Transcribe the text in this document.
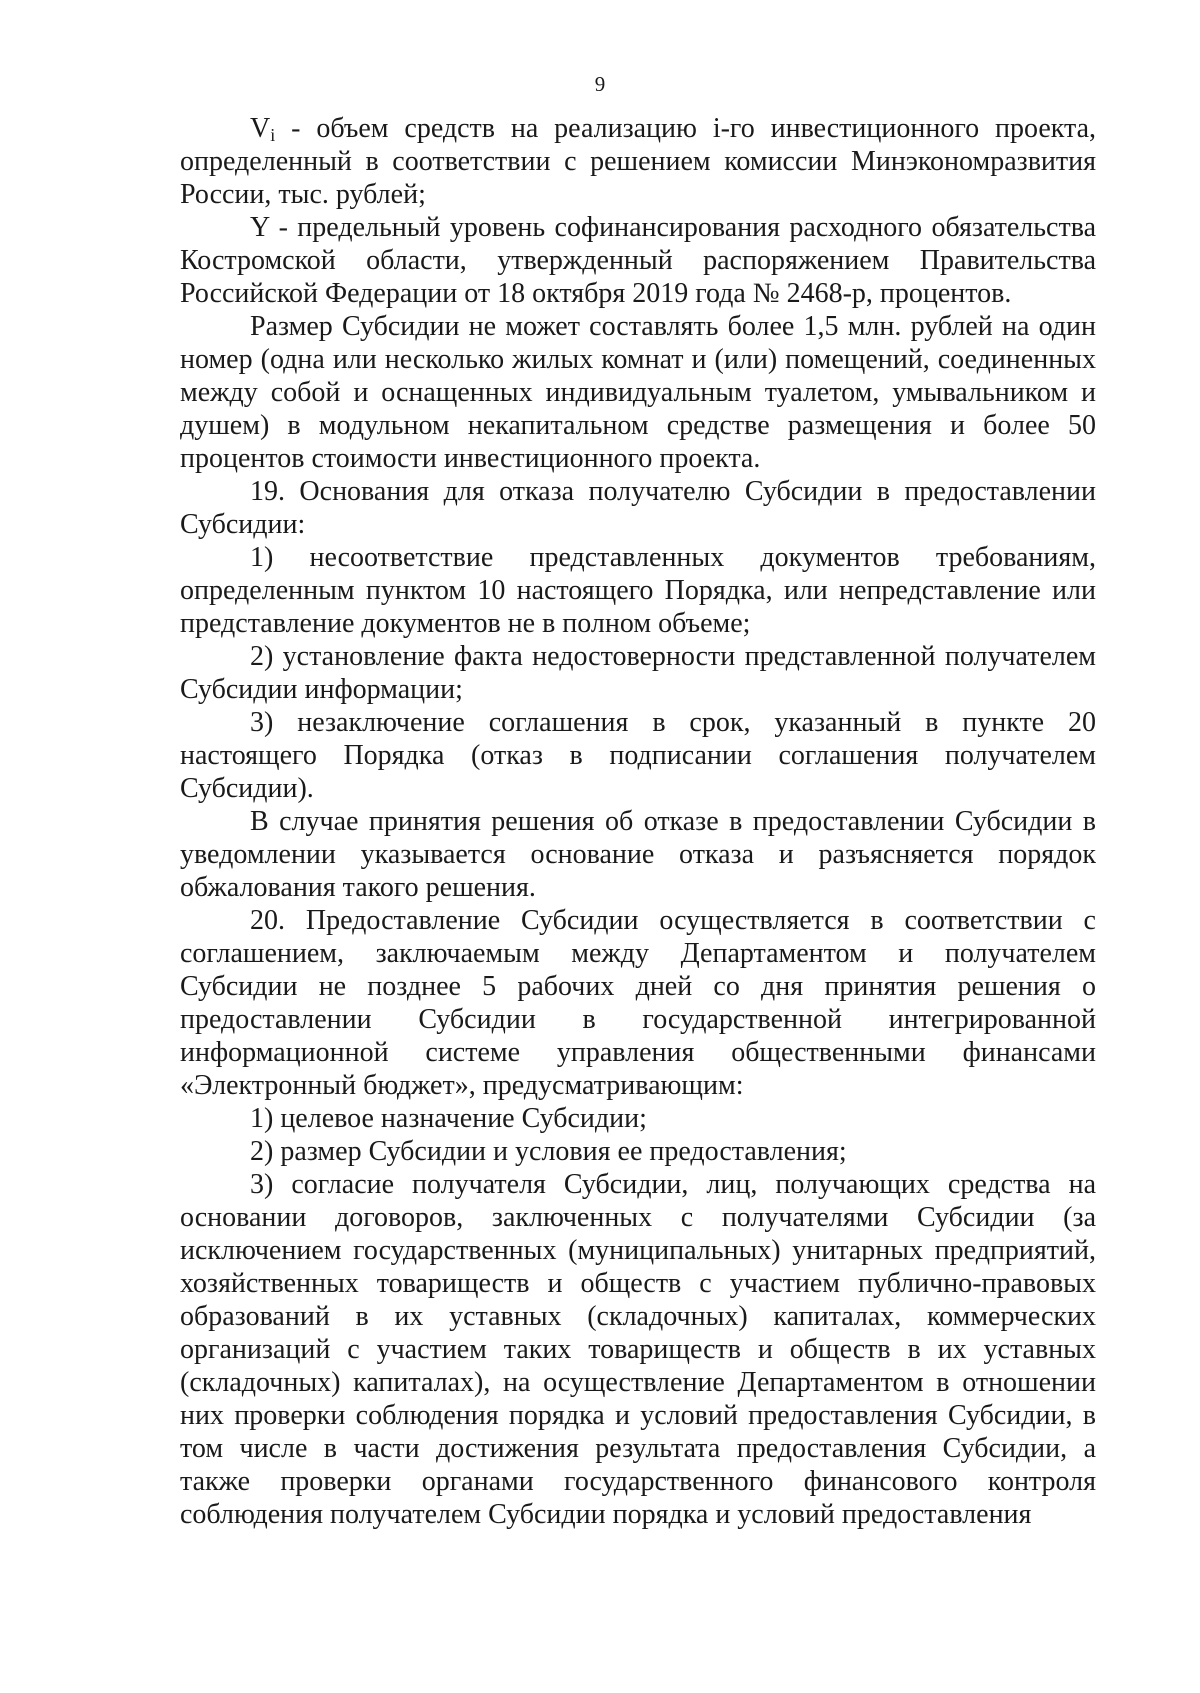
9

$V_i$ - объем средств на реализацию i-го инвестиционного проекта, определенный в соответствии с решением комиссии Минэкономразвития России, тыс. рублей;

Y - предельный уровень софинансирования расходного обязательства Костромской области, утвержденный распоряжением Правительства Российской Федерации от 18 октября 2019 года № 2468-р, процентов.

Размер Субсидии не может составлять более 1,5 млн. рублей на один номер (одна или несколько жилых комнат и (или) помещений, соединенных между собой и оснащенных индивидуальным туалетом, умывальником и душем) в модульном некапитальном средстве размещения и более 50 процентов стоимости инвестиционного проекта.

19. Основания для отказа получателю Субсидии в предоставлении Субсидии:

1) несоответствие представленных документов требованиям, определенным пунктом 10 настоящего Порядка, или непредставление или представление документов не в полном объеме;

2) установление факта недостоверности представленной получателем Субсидии информации;

3) незаключение соглашения в срок, указанный в пункте 20 настоящего Порядка (отказ в подписании соглашения получателем Субсидии).

В случае принятия решения об отказе в предоставлении Субсидии в уведомлении указывается основание отказа и разъясняется порядок обжалования такого решения.

20. Предоставление Субсидии осуществляется в соответствии с соглашением, заключаемым между Департаментом и получателем Субсидии не позднее 5 рабочих дней со дня принятия решения о предоставлении Субсидии в государственной интегрированной информационной системе управления общественными финансами «Электронный бюджет», предусматривающим:

1) целевое назначение Субсидии;

2) размер Субсидии и условия ее предоставления;

3) согласие получателя Субсидии, лиц, получающих средства на основании договоров, заключенных с получателями Субсидии (за исключением государственных (муниципальных) унитарных предприятий, хозяйственных товариществ и обществ с участием публично-правовых образований в их уставных (складочных) капиталах, коммерческих организаций с участием таких товариществ и обществ в их уставных (складочных) капиталах), на осуществление Департаментом в отношении них проверки соблюдения порядка и условий предоставления Субсидии, в том числе в части достижения результата предоставления Субсидии, а также проверки органами государственного финансового контроля соблюдения получателем Субсидии порядка и условий предоставления
